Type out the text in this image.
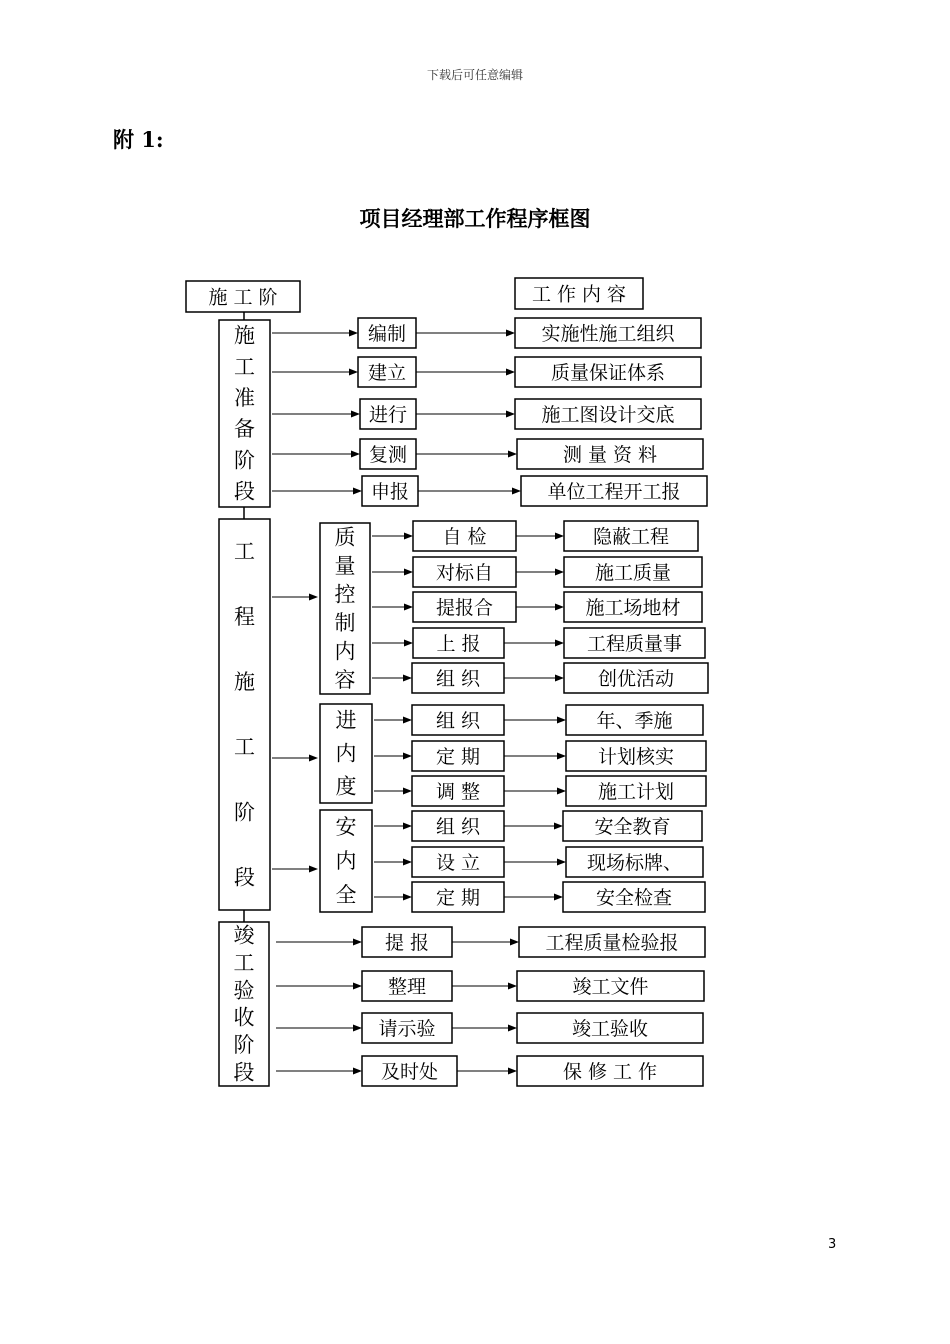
下载后可任意编辑
附 1:
项目经理部工作程序框图
3
施 工 阶	工 作 内 容
施
工
准
备
阶
段
编制	实施性施工组织
建立	质量保证体系
进行	施工图设计交底
复测	测 量 资 料
申报	单位工程开工报
工
程
施
工
阶
段
质
量
控
制
内
容
自 检	隐蔽工程
对标自	施工质量
提报合	施工场地材
上 报	工程质量事
组 织	创优活动
进
内
度
组 织	年、季施
定 期	计划核实
调 整	施工计划
安
内
全
组 织	安全教育
设 立	现场标牌、
定 期	安全检查
竣
工
验
收
阶
段
提 报	工程质量检验报
整理	竣工文件
请示验	竣工验收
及时处	保 修 工 作
